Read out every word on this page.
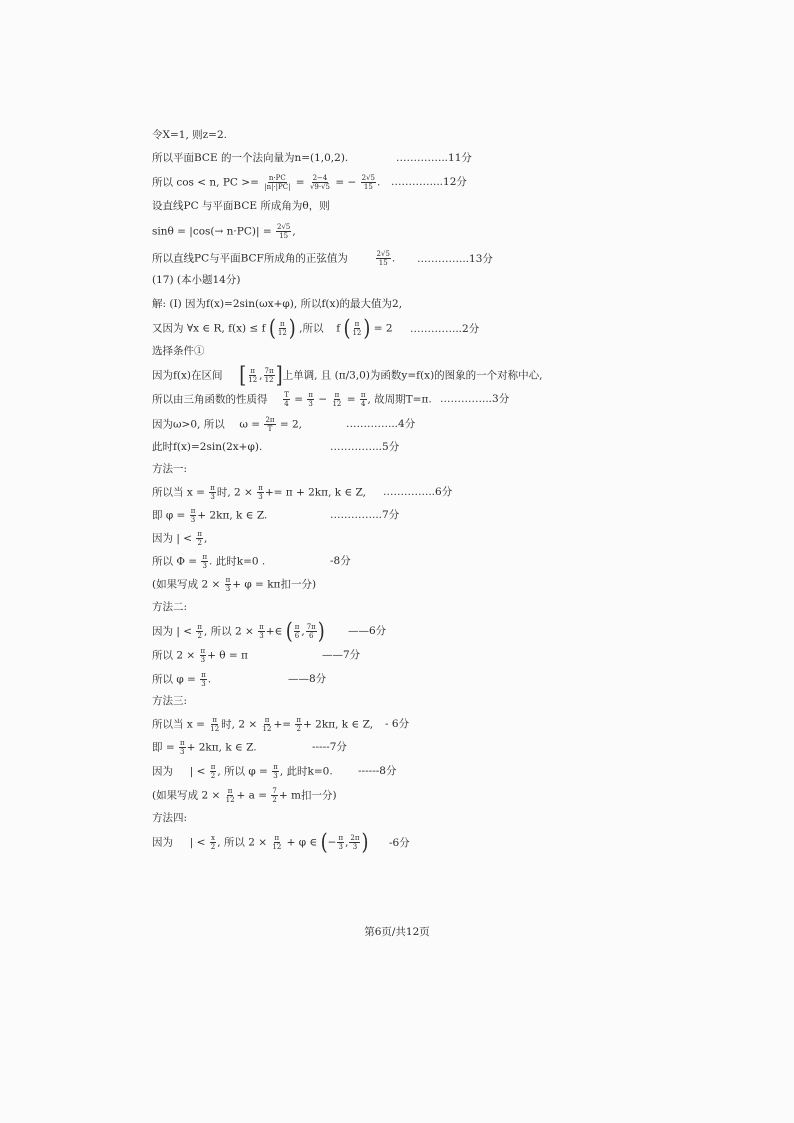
令X=1, 则z=2.
所以平面BCE 的一个法向量为n=(1,0,2).	…………...11分
所以 cos < n, PC >= $\frac{n\cdot PC}{|n|\cdot|PC|} = \frac{2-4}{√9\cdot√5}$ = − $\frac{2√5}{15}$ . …………...12分
设直线PC 与平面BCE 所成角为θ，则
$\sin\theta = |\cos(\to n\cdot PC)| = \frac{2√5}{15}$ ,
所以直线PC与平面BCF所成角的正弦值为	$\frac{2√5}{15}$ . …………...13分
(17) (本小题14分)
解: (I) 因为f(x)=2sin(ωx+φ), 所以f(x)的最大值为2,
又因为 ∀x ∈ R, f(x) ≤ f ( $\frac{\pi}{12}$ ) ,所以 f ( $\frac{\pi}{12}$ ) = 2 …………...2分
选择条件①
因为f(x)在区间 [ $\frac{\pi}{12}$ , $\frac{7\pi}{12}$ ]上单调, 且 (π/3,0)为函数y=f(x)的图象的一个对称中心,
所以由三角函数的性质得 $\frac{T}{4} = \frac{\pi}{3} - \frac{\pi}{12} = \frac{\pi}{4}$ , 故周期T=π. …………...3分
因为ω>0, 所以 $\omega = \frac{2\pi}{T} = 2$,	…………...4分
此时f(x)=2sin(2x+φ).	…………...5分
方法一:
所以当 $x = \frac{\pi}{3}$ 时, $2 \times \frac{\pi}{3} += \pi + 2k\pi$, k ∈ Z, …………...6分
即 $\varphi = \frac{\pi}{3} + 2k\pi$, k ∈ Z.	…………...7分
因为 | < $\frac{\pi}{2}$ ,
所以 $\Phi = \frac{\pi}{3}$ . 此时k=0 .	-8分
(如果写成 $2 \times \frac{\pi}{3} + \varphi = k\pi$扣一分)
方法二:
因为 | < $\frac{\pi}{2}$ , 所以 $2 \times \frac{\pi}{3}$ +∈ ( $\frac{\pi}{6}$ , $\frac{7\pi}{6}$ ) ——6分
所以 $2 \times \frac{\pi}{3} + \theta = \pi$	——7分
所以 $\varphi = \frac{\pi}{3}$ .	——8分
方法三:
所以当 $x = \frac{\pi}{12}$ 时, $2 \times \frac{\pi}{12} += \frac{\pi}{2} + 2k\pi$, k ∈ Z, - 6分
即 = $\frac{\pi}{3} + 2k\pi$, k ∈ Z.	-----7分
因为 | < $\frac{\pi}{2}$ , 所以 $\varphi = \frac{\pi}{3}$ , 此时k=0. ------8分
(如果写成 $2 \times \frac{\pi}{12} + a = \frac{7}{2} + m$扣一分)
方法四:
因为 | < $\frac{x}{2}$ , 所以 $2 \times \frac{\pi}{12} + \varphi$ ∈ (− $\frac{\pi}{3}$ , $\frac{2\pi}{3}$ ) -6分
第6页/共12页
